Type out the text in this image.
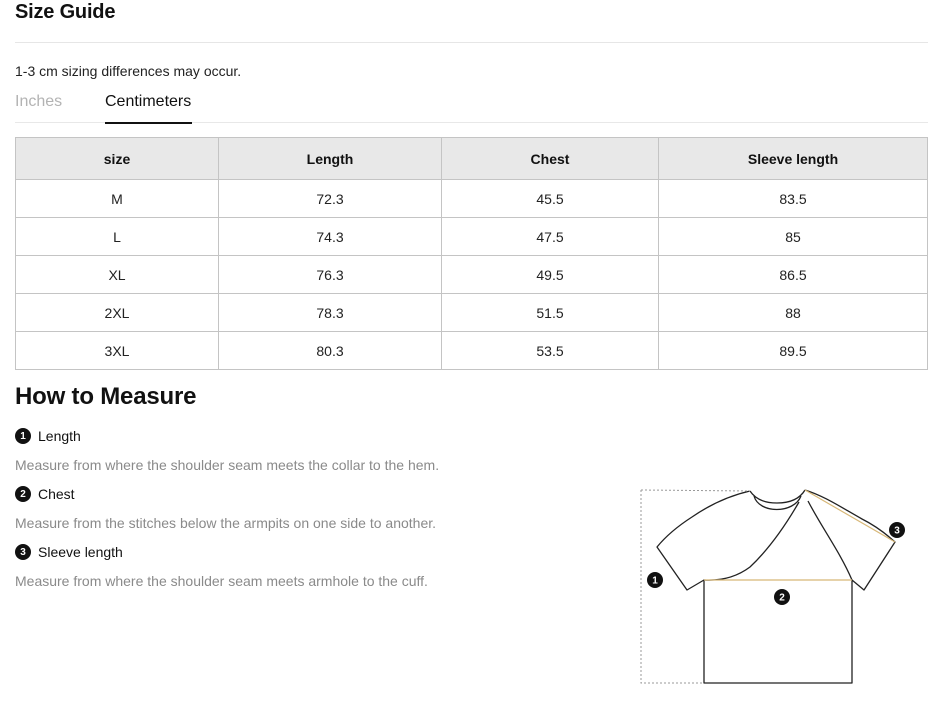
Size Guide
1-3 cm sizing differences may occur.
Inches	Centimeters
size	Length	Chest	Sleeve length
M	72.3	45.5	83.5
L	74.3	47.5	85
XL	76.3	49.5	86.5
2XL	78.3	51.5	88
3XL	80.3	53.5	89.5
How to Measure
1 Length
Measure from where the shoulder seam meets the collar to the hem.
2 Chest
Measure from the stitches below the armpits on one side to another.
3 Sleeve length
Measure from where the shoulder seam meets armhole to the cuff.	1
2
3
